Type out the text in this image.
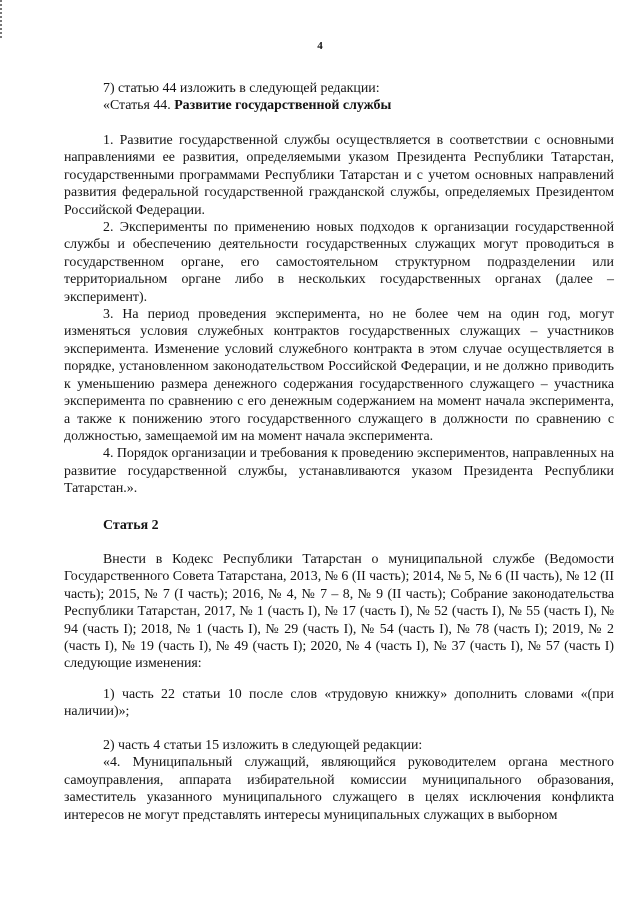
4

7) статью 44 изложить в следующей редакции:

«Статья 44. Развитие государственной службы

1. Развитие государственной службы осуществляется в соответствии с основными направлениями ее развития, определяемыми указом Президента Республики Татарстан, государственными программами Республики Татарстан и с учетом основных направлений развития федеральной государственной гражданской службы, определяемых Президентом Российской Федерации.

2. Эксперименты по применению новых подходов к организации государственной службы и обеспечению деятельности государственных служащих могут проводиться в государственном органе, его самостоятельном структурном подразделении или территориальном органе либо в нескольких государственных органах (далее – эксперимент).

3. На период проведения эксперимента, но не более чем на один год, могут изменяться условия служебных контрактов государственных служащих – участников эксперимента. Изменение условий служебного контракта в этом случае осуществляется в порядке, установленном законодательством Российской Федерации, и не должно приводить к уменьшению размера денежного содержания государственного служащего – участника эксперимента по сравнению с его денежным содержанием на момент начала эксперимента, а также к понижению этого государственного служащего в должности по сравнению с должностью, замещаемой им на момент начала эксперимента.

4. Порядок организации и требования к проведению экспериментов, направленных на развитие государственной службы, устанавливаются указом Президента Республики Татарстан.».

Статья 2

Внести в Кодекс Республики Татарстан о муниципальной службе (Ведомости Государственного Совета Татарстана, 2013, № 6 (II часть); 2014, № 5, № 6 (II часть), № 12 (II часть); 2015, № 7 (I часть); 2016, № 4, № 7 – 8, № 9 (II часть); Собрание законодательства Республики Татарстан, 2017, № 1 (часть I), № 17 (часть I), № 52 (часть I), № 55 (часть I), № 94 (часть I); 2018, № 1 (часть I), № 29 (часть I), № 54 (часть I), № 78 (часть I); 2019, № 2 (часть I), № 19 (часть I), № 49 (часть I); 2020, № 4 (часть I), № 37 (часть I), № 57 (часть I) следующие изменения:

1) часть 22 статьи 10 после слов «трудовую книжку» дополнить словами «(при наличии)»;

2) часть 4 статьи 15 изложить в следующей редакции:

«4. Муниципальный служащий, являющийся руководителем органа местного самоуправления, аппарата избирательной комиссии муниципального образования, заместитель указанного муниципального служащего в целях исключения конфликта интересов не могут представлять интересы муниципальных служащих в выборном
